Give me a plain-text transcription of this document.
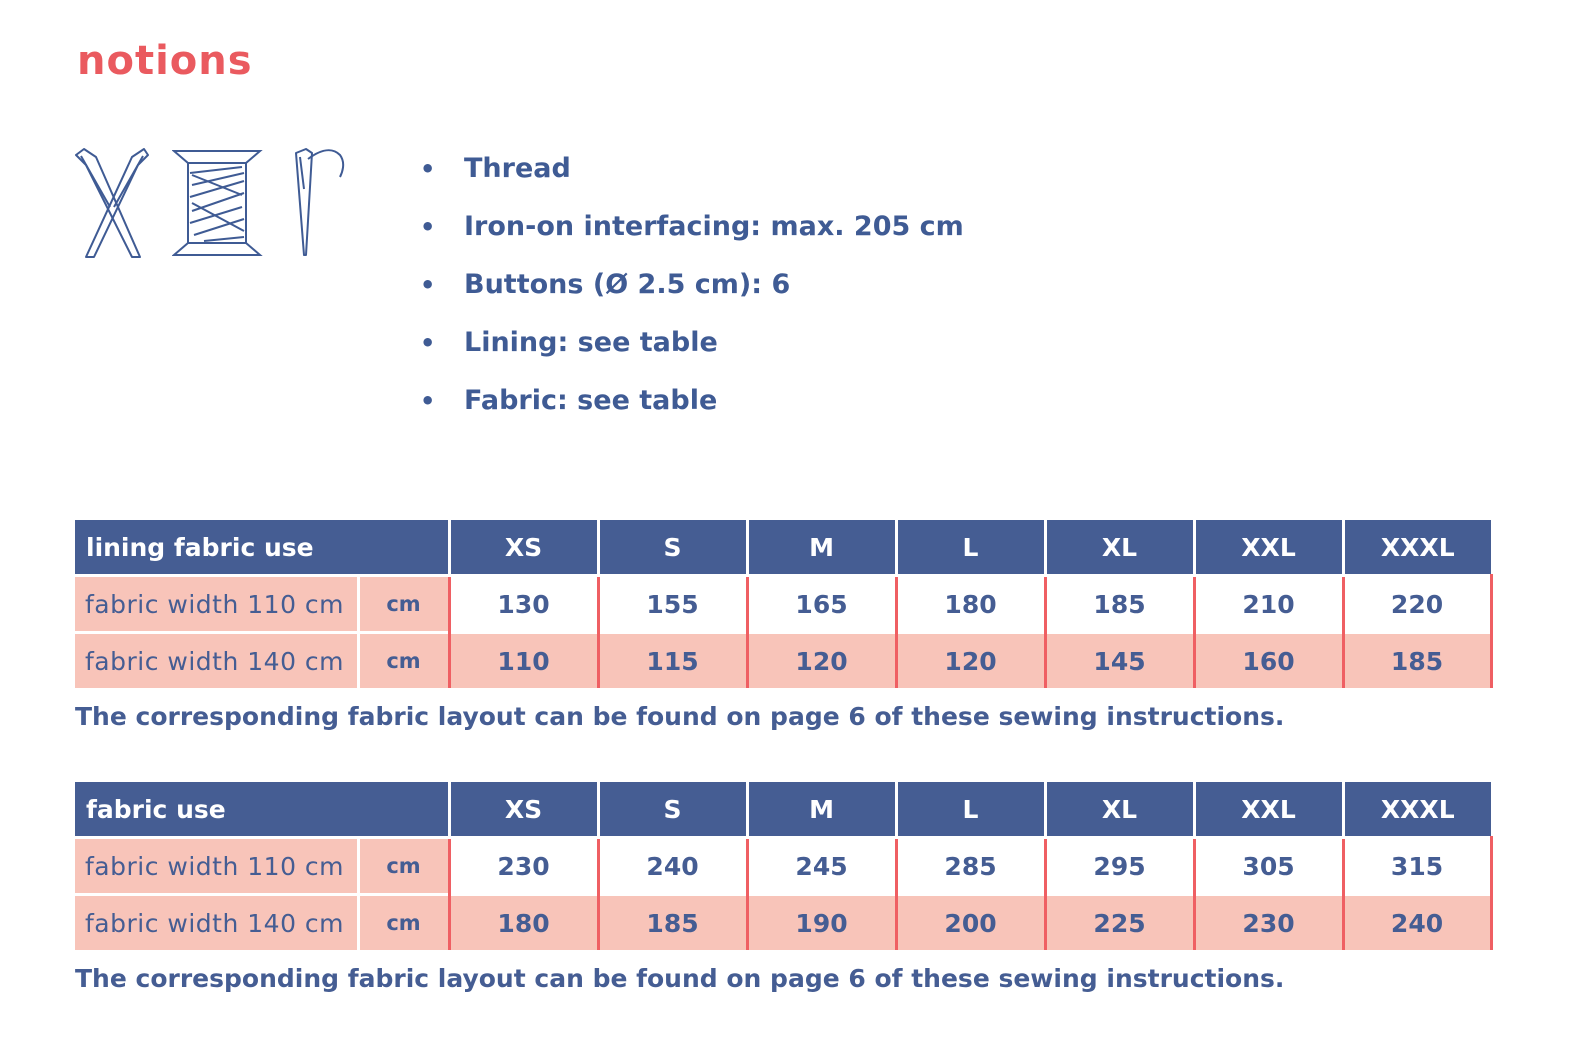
notions
•	Thread
•	Iron-on interfacing: max. 205 cm
•	Buttons (Ø 2.5 cm): 6
•	Lining: see table
•	Fabric: see table
lining fabric use		XS	S	M	L	XL	XXL	XXXL
fabric width 110 cm	cm	130	155	165	180	185	210	220
fabric width 140 cm	cm	110	115	120	120	145	160	185

The corresponding fabric layout can be found on page 6 of these sewing instructions.

fabric use		XS	S	M	L	XL	XXL	XXXL
fabric width 110 cm	cm	230	240	245	285	295	305	315
fabric width 140 cm	cm	180	185	190	200	225	230	240

The corresponding fabric layout can be found on page 6 of these sewing instructions.
